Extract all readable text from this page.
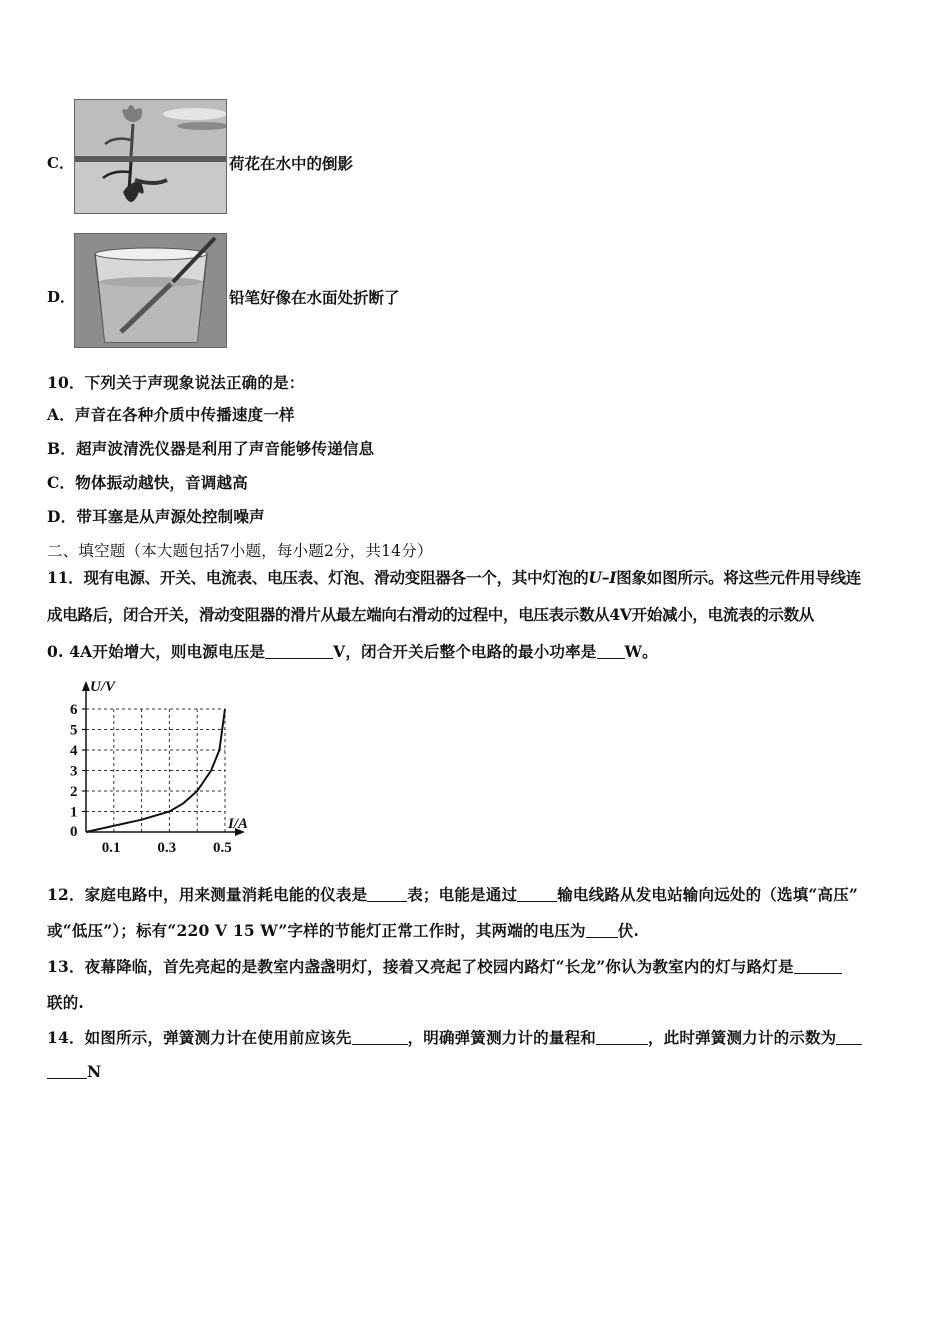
C．	荷花在水中的倒影
D．	铅笔好像在水面处折断了
10．下列关于声现象说法正确的是：
A．声音在各种介质中传播速度一样
B．超声波清洗仪器是利用了声音能够传递信息
C．物体振动越快，音调越高
D．带耳塞是从声源处控制噪声
二、填空题（本大题包括7小题，每小题2分，共14分）
11．现有电源、开关、电流表、电压表、灯泡、滑动变阻器各一个，其中灯泡的U–I图象如图所示。将这些元件用导线连
成电路后，闭合开关，滑动变阻器的滑片从最左端向右滑动的过程中，电压表示数从4V开始减小，电流表的示数从
0. 4A开始增大，则电源电压是	V，闭合开关后整个电路的最小功率是 W。
U/V
I/A
0
1
2
3
4
5
6
0.1 0.3 0.5
12．家庭电路中，用来测量消耗电能的仪表是	表；电能是通过	输电线路从发电站输向远处的（选填“高压”
或“低压”）；标有“220 V 15 W”字样的节能灯正常工作时，其两端的电压为 伏.
13．夜幕降临，首先亮起的是教室内盏盏明灯，接着又亮起了校园内路灯“长龙”你认为教室内的灯与路灯是
联的.
14．如图所示，弹簧测力计在使用前应该先	，明确弹簧测力计的量程和	，此时弹簧测力计的示数为
N
